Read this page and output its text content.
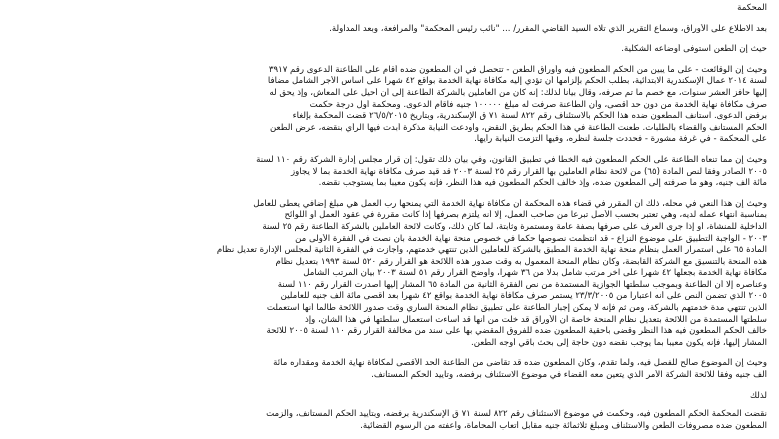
المحكمة
بعد الاطلاع على الأوراق، وسماع التقرير الذي تلاه السيد القاضي المقرر/ ... "نائب رئيس المحكمة" والمرافعة، وبعد المداولة.
حيث إن الطعن استوفى أوضاعه الشكلية.
وحيث إن الوقائعت - على ما يبين من الحكم المطعون فيه وأوراق الطعن - تتحصل في أن المطعون ضده أقام على الطاعنة الدعوى رقم ٣٩١٧
لسنة ٢٠١٤ عمال الإسكندرية الابتدائية، بطلب الحكم بإلزامها أن تؤدي إليه مكافأة نهاية الخدمة بواقع ٤٢ شهرا على أساس الأجر الشامل مضافا
إليها حافز العشر سنوات، مع خصم ما تم صرفه، وقال بيانا لذلك: إنه كان من العاملين بالشركة الطاعنة إلى أن أحيل على المعاش، وإذ يحق له
صرف مكافأة نهاية الخدمة من دون حد أقصى، وأن الطاعنة صرفت له مبلغ ١٠٠٠٠٠ جنيه فأقام الدعوى. ومحكمة أول درجة حكمت
برفض الدعوى. استأنف المطعون ضده هذا الحكم بالاستئناف رقم ٨٢٢ لسنة ٧١ ق الإسكندرية، وبتاريخ ٢٦/٥/٢٠١٥ قضت المحكمة بإلغاء
الحكم المستأنف والقضاء بالطلبات. طعنت الطاعنة في هذا الحكم بطريق النقض، وأودعت النيابة مذكرة أبدت فيها الرأي بنقضه، عرض الطعن
على المحكمة - في غرفة مشورة - فحددت جلسة لنظره، وفيها التزمت النيابة رأيها.
وحيث إن مما تنعاه الطاعنة على الحكم المطعون فيه الخطأ في تطبيق القانون، وفي بيان ذلك تقول: إن قرار مجلس إدارة الشركة رقم ١١٠ لسنة
٢٠٠٥ الصادر وفقا لنص المادة (٦٥) من لائحة نظام العاملين بها القرار رقم ٢٥ لسنة ٢٠٠٣ قد قيد صرف مكافأة نهاية الخدمة بما لا يجاوز
مائة ألف جنيه، وهو ما صرفته إلى المطعون ضده، وإذ خالف الحكم المطعون فيه هذا النظر، فإنه يكون معيبا بما يستوجب نقضه.
وحيث إن هذا النعي في محله، ذلك أن المقرر في قضاء هذه المحكمة أن مكافأة نهاية الخدمة التي يمنحها رب العمل هي مبلغ إضافي يعطى للعامل
بمناسبة انتهاء عمله لديه، وهي تعتبر بحسب الأصل تبرعا من صاحب العمل، إلا أنه يلتزم بصرفها إذا كانت مقررة في عقود العمل أو اللوائح
الداخلية للمنشأة، أو إذا جرى العرف على صرفها بصفة عامة ومستمرة وثابتة، لما كان ذلك، وكانت لائحة العاملين بالشركة الطاعنة رقم ٢٥ لسنة
٢٠٠٣ - الواجبة التطبيق على موضوع النزاع - قد انتظمت نصوصها حكما في خصوص منحة نهاية الخدمة بأن نصت في الفقرة الأولى من
المادة ٦٥ على استمرار العمل بنظام منحة نهاية الخدمة المطبق بالشركة للعاملين الذين تنتهي خدمتهم، وأجازت في الفقرة الثانية لمجلس الإدارة تعديل نظام
هذه المنحة بالتنسيق مع الشركة القابضة، وكان نظام المنحة المعمول به وقت صدور هذه اللائحة هو القرار رقم ٥٢٠ لسنة ١٩٩٣ بتعديل نظام
مكافأة نهاية الخدمة بجعلها ٤٢ شهرا على آخر مرتب شامل بدلا من ٣٦ شهرا، وأوضح القرار رقم ٥١ لسنة ٢٠٠٣ بيان المرتب الشامل
وعناصره إلا أن الطاعنة وبموجب سلطتها الجوازية المستمدة من نص الفقرة الثانية من المادة ٦٥ المشار إليها أصدرت القرار رقم ١١٠ لسنة
٢٠٠٥ الذي تضمن النص على أنه اعتبارا من ٢٣/٣/٢٠٠٥ يستمر صرف مكافأة نهاية الخدمة بواقع ٤٢ شهرا بعد أقصى مائة ألف جنيه للعاملين
الذين تنتهي مدة خدمتهم بالشركة، ومن ثم فإنه لا يمكن إجبار الطاعنة على تطبيق نظام المنحة الساري وقت صدور اللائحة طالما أنها استعملت
سلطتها المستمدة من اللائحة بتعديل نظام المنحة خاصة أن الأوراق قد خلت من أنها قد أساءت استعمال سلطتها في هذا الشأن، وإذ
خالف الحكم المطعون فيه هذا النظر وقضى بأحقية المطعون ضده للفروق المقضي بها على سند من مخالفة القرار رقم ١١٠ لسنة ٢٠٠٥ للائحة
المشار إليها، فإنه يكون معيبا بما يوجب نقضه دون حاجة إلى بحث باقي أوجه الطعن.
وحيث إن الموضوع صالح للفصل فيه، ولما تقدم، وكان المطعون ضده قد تقاضى من الطاعنة الحد الأقصى لمكافأة نهاية الخدمة ومقداره مائة
ألف جنيه وفقا للائحة الشركة الأمر الذي يتعين معه القضاء في موضوع الاستئناف برفضه، وتأييد الحكم المستأنف.
لذلك
نقضت المحكمة الحكم المطعون فيه، وحكمت في موضوع الاستئناف رقم ٨٢٢ لسنة ٧١ ق الإسكندرية برفضه، وبتأييد الحكم المستأنف، وألزمت
المطعون ضده مصروفات الطعن والاستئناف ومبلغ ثلاثمائة جنيه مقابل أتعاب المحاماة، وأعفته من الرسوم القضائية.
